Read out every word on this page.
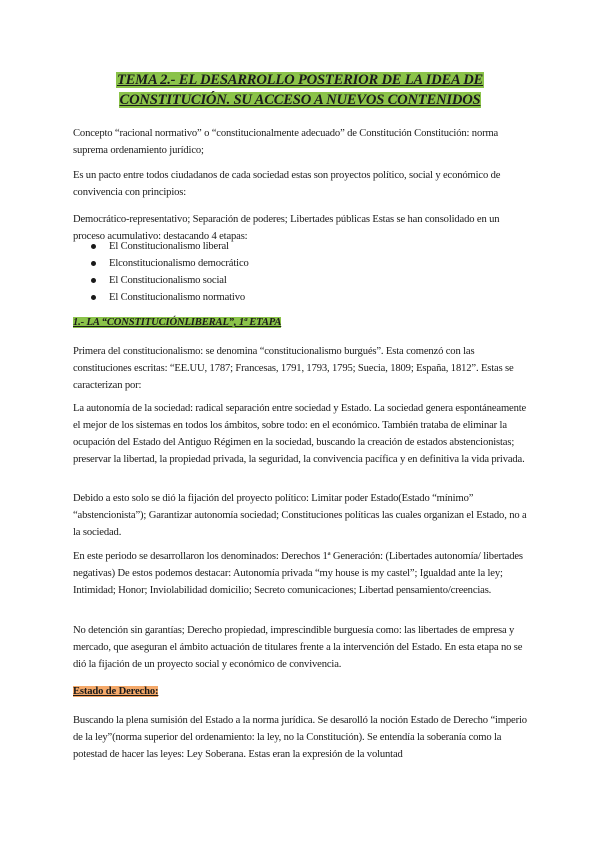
TEMA 2.- EL DESARROLLO POSTERIOR DE LA IDEA DE
CONSTITUCIÓN. SU ACCESO A NUEVOS CONTENIDOS

Concepto “racional normativo” o “constitucionalmente adecuado” de Constitución Constitución: norma suprema ordenamiento jurídico;

Es un pacto entre todos ciudadanos de cada sociedad estas son proyectos político, social y económico de convivencia con principios:

Democrático-representativo; Separación de poderes; Libertades públicas Estas se han consolidado en un proceso acumulativo: destacando 4 etapas:

El Constitucionalismo liberal
Elconstitucionalismo democrático
El Constitucionalismo social
El Constitucionalismo normativo

1.- LA “CONSTITUCIÓNLIBERAL”, 1ª ETAPA

Primera del constitucionalismo: se denomina “constitucionalismo burgués”. Esta comenzó con las constituciones escritas: “EE.UU, 1787; Francesas, 1791, 1793, 1795; Suecia, 1809; España, 1812”. Estas se caracterizan por:

La autonomía de la sociedad: radical separación entre sociedad y Estado. La sociedad genera espontáneamente el mejor de los sistemas en todos los ámbitos, sobre todo: en el económico. También trataba de eliminar la ocupación del Estado del Antiguo Régimen en la sociedad, buscando la creación de estados abstencionistas; preservar la libertad, la propiedad privada, la seguridad, la convivencia pacífica y en definitiva la vida privada.

Debido a esto solo se dió la fijación del proyecto político: Limitar poder Estado(Estado “mínimo” “abstencionista”); Garantizar autonomía sociedad; Constituciones políticas las cuales organizan el Estado, no a la sociedad.

En este periodo se desarrollaron los denominados: Derechos 1ª Generación: (Libertades autonomía/ libertades negativas) De estos podemos destacar: Autonomía privada “my house is my castel”; Igualdad ante la ley; Intimidad; Honor; Inviolabilidad domicilio; Secreto comunicaciones; Libertad pensamiento/creencias.

No detención sin garantías; Derecho propiedad, imprescindible burguesía como: las libertades de empresa y mercado, que aseguran el ámbito actuación de titulares frente a la intervención del Estado. En esta etapa no se dió la fijación de un proyecto social y económico de convivencia.

Estado de Derecho:

Buscando la plena sumisión del Estado a la norma jurídica. Se desarolló la noción Estado de Derecho “imperio de la ley”(norma superior del ordenamiento: la ley, no la Constitución). Se entendía la soberanía como la potestad de hacer las leyes: Ley Soberana. Estas eran la expresión de la voluntad
